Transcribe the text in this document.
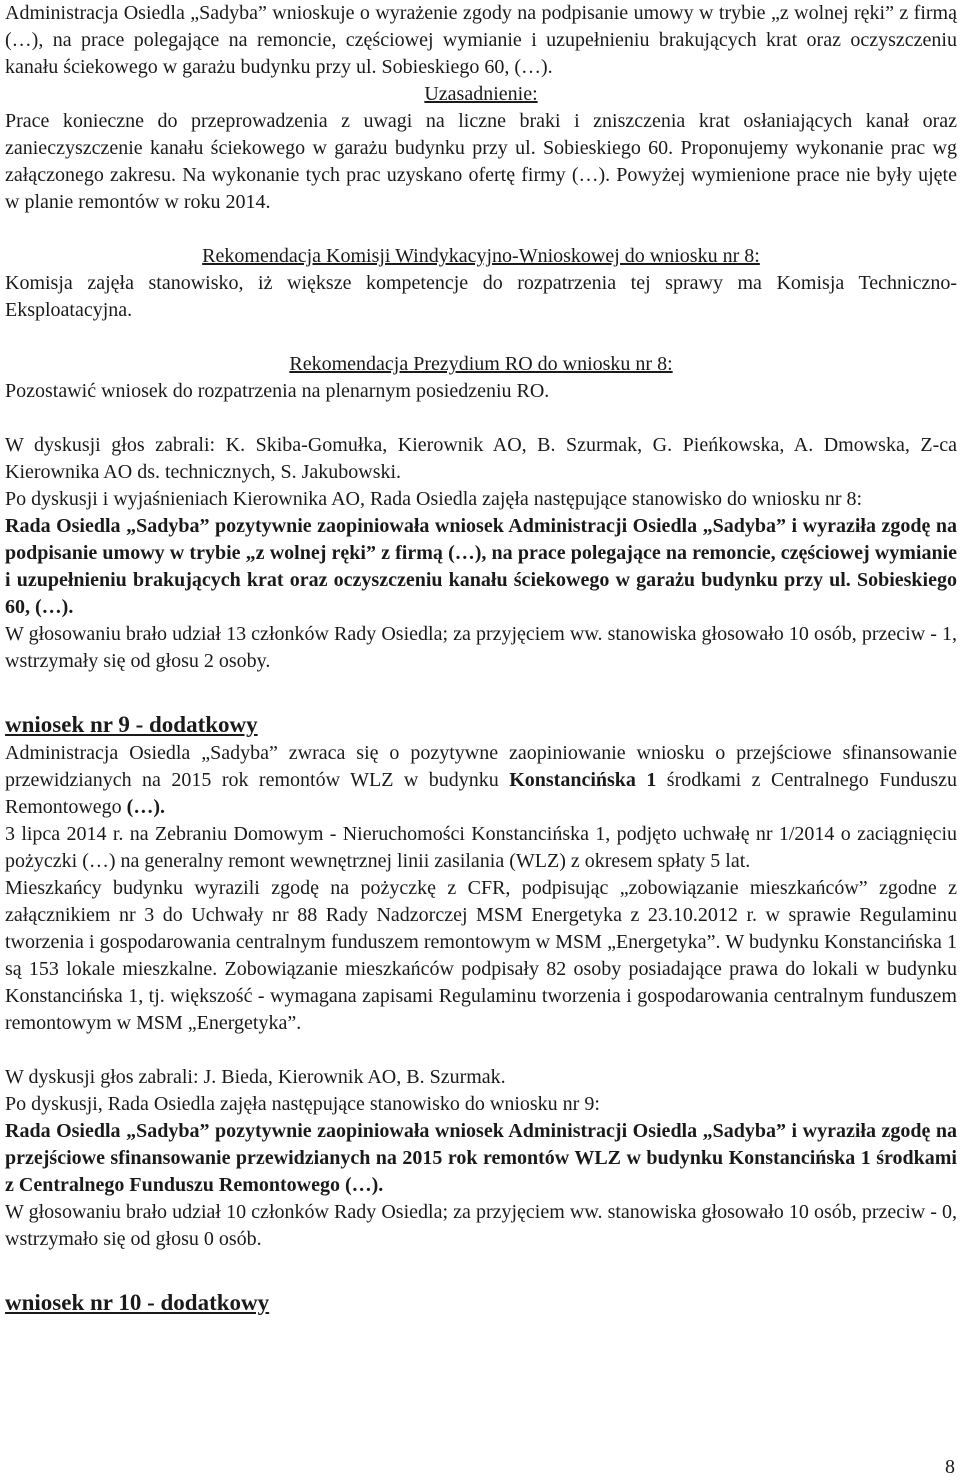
Administracja Osiedla „Sadyba” wnioskuje o wyrażenie zgody na podpisanie umowy w trybie „z wolnej ręki” z firmą (…), na prace polegające na remoncie, częściowej wymianie i uzupełnieniu brakujących krat oraz oczyszczeniu kanału ściekowego w garażu budynku przy ul. Sobieskiego 60, (…).

Uzasadnienie:

Prace konieczne do przeprowadzenia z uwagi na liczne braki i zniszczenia krat osłaniających kanał oraz zanieczyszczenie kanału ściekowego w garażu budynku przy ul. Sobieskiego 60. Proponujemy wykonanie prac wg załączonego zakresu. Na wykonanie tych prac uzyskano ofertę firmy (…). Powyżej wymienione prace nie były ujęte w planie remontów w roku 2014.

Rekomendacja Komisji Windykacyjno-Wnioskowej do wniosku nr 8:

Komisja zajęła stanowisko, iż większe kompetencje do rozpatrzenia tej sprawy ma Komisja Techniczno-Eksploatacyjna.

Rekomendacja Prezydium RO do wniosku nr 8:

Pozostawić wniosek do rozpatrzenia na plenarnym posiedzeniu RO.

W dyskusji głos zabrali: K. Skiba-Gomułka, Kierownik AO, B. Szurmak, G. Pieńkowska, A. Dmowska, Z-ca Kierownika AO ds. technicznych, S. Jakubowski.

Po dyskusji i wyjaśnieniach Kierownika AO, Rada Osiedla zajęła następujące stanowisko do wniosku nr 8:

Rada Osiedla „Sadyba” pozytywnie zaopiniowała wniosek Administracji Osiedla „Sadyba” i wyraziła zgodę na podpisanie umowy w trybie „z wolnej ręki” z firmą (…), na prace polegające na remoncie, częściowej wymianie i uzupełnieniu brakujących krat oraz oczyszczeniu kanału ściekowego w garażu budynku przy ul. Sobieskiego 60, (…).

W głosowaniu brało udział 13 członków Rady Osiedla; za przyjęciem ww. stanowiska głosowało 10 osób, przeciw - 1, wstrzymały się od głosu 2 osoby.

wniosek nr 9 - dodatkowy

Administracja Osiedla „Sadyba” zwraca się o pozytywne zaopiniowanie wniosku o przejściowe sfinansowanie przewidzianych na 2015 rok remontów WLZ w budynku Konstancińska 1 środkami z Centralnego Funduszu Remontowego (…).

3 lipca 2014 r. na Zebraniu Domowym - Nieruchomości Konstancińska 1, podjęto uchwałę nr 1/2014 o zaciągnięciu pożyczki (…) na generalny remont wewnętrznej linii zasilania (WLZ) z okresem spłaty 5 lat.

Mieszkańcy budynku wyrazili zgodę na pożyczkę z CFR, podpisując „zobowiązanie mieszkańców” zgodne z załącznikiem nr 3 do Uchwały nr 88 Rady Nadzorczej MSM Energetyka z 23.10.2012 r. w sprawie Regulaminu tworzenia i gospodarowania centralnym funduszem remontowym w MSM „Energetyka”. W budynku Konstancińska 1 są 153 lokale mieszkalne. Zobowiązanie mieszkańców podpisały 82 osoby posiadające prawa do lokali w budynku Konstancińska 1, tj. większość - wymagana zapisami Regulaminu tworzenia i gospodarowania centralnym funduszem remontowym w MSM „Energetyka”.

W dyskusji głos zabrali: J. Bieda, Kierownik AO, B. Szurmak.

Po dyskusji, Rada Osiedla zajęła następujące stanowisko do wniosku nr 9:

Rada Osiedla „Sadyba” pozytywnie zaopiniowała wniosek Administracji Osiedla „Sadyba” i wyraziła zgodę na przejściowe sfinansowanie przewidzianych na 2015 rok remontów WLZ w budynku Konstancińska 1 środkami z Centralnego Funduszu Remontowego (…).

W głosowaniu brało udział 10 członków Rady Osiedla; za przyjęciem ww. stanowiska głosowało 10 osób, przeciw - 0, wstrzymało się od głosu 0 osób.

wniosek nr 10 - dodatkowy

8
